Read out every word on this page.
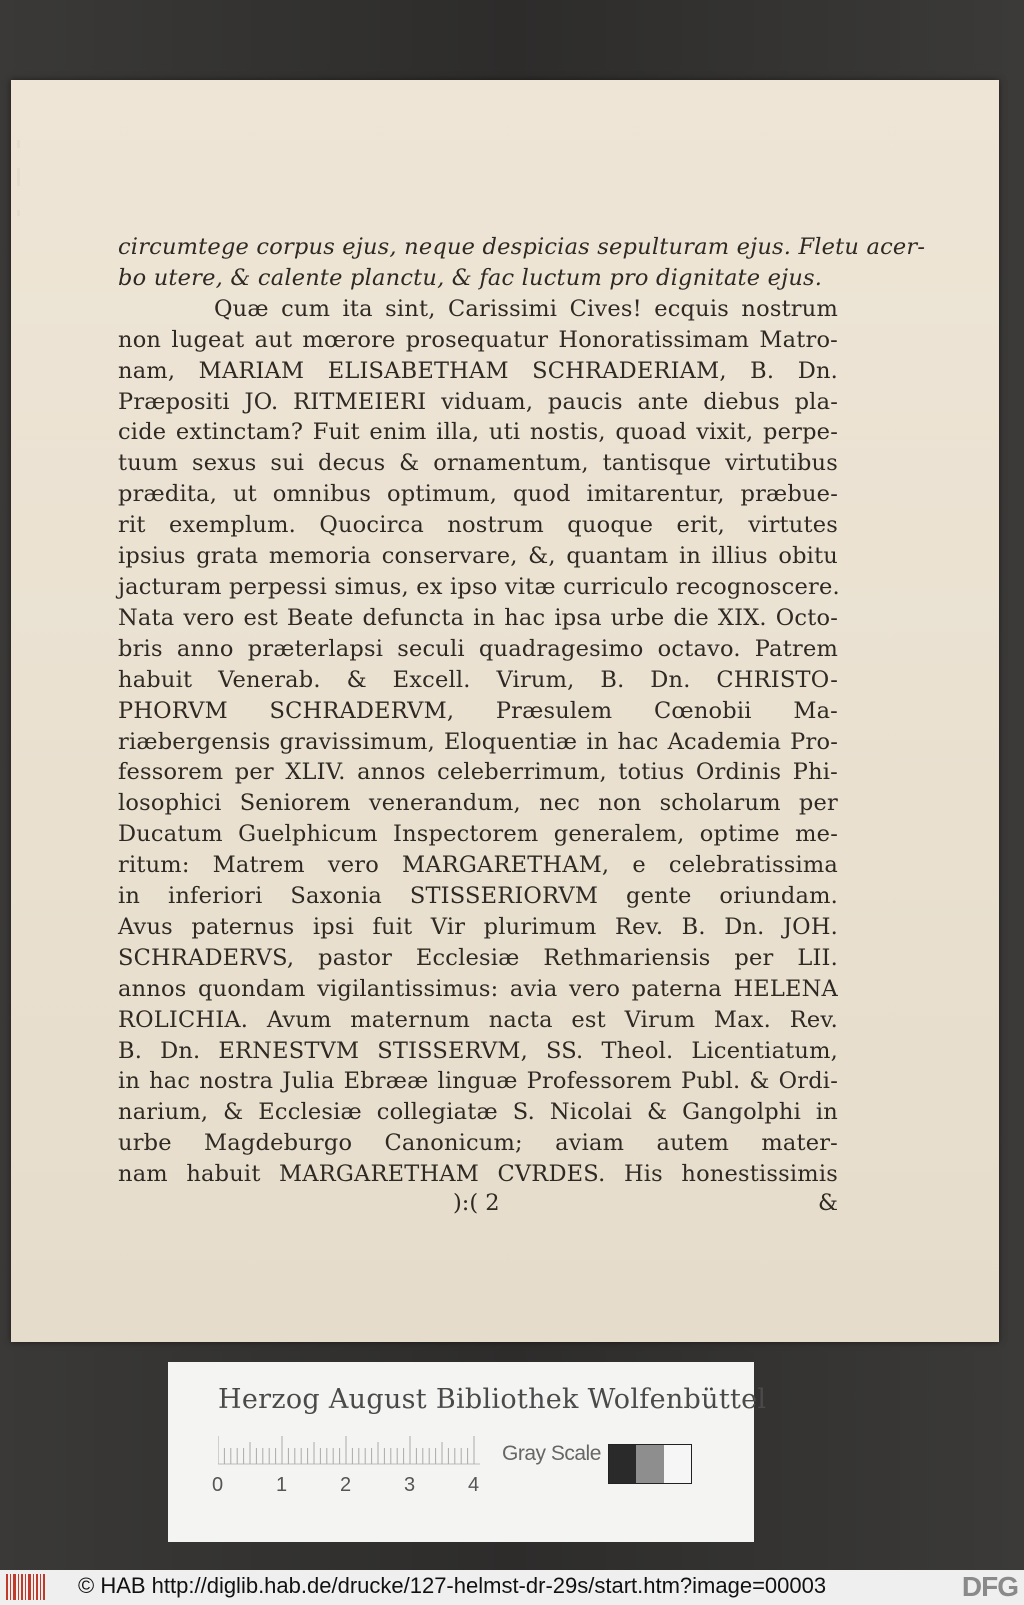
circumtege corpus ejus, neque despicias sepulturam ejus. Fletu acer-
bo utere, & calente planctu, & fac luctum pro dignitate ejus.
Quæ cum ita sint, Carissimi Cives! ecquis nostrum
non lugeat aut mœrore prosequatur Honoratissimam Matro-
nam, MARIAM ELISABETHAM SCHRADERIAM, B. Dn.
Præpositi JO. RITMEIERI viduam, paucis ante diebus pla-
cide extinctam? Fuit enim illa, uti nostis, quoad vixit, perpe-
tuum sexus sui decus & ornamentum, tantisque virtutibus
prædita, ut omnibus optimum, quod imitarentur, præbue-
rit exemplum. Quocirca nostrum quoque erit, virtutes
ipsius grata memoria conservare, &, quantam in illius obitu
jacturam perpessi simus, ex ipso vitæ curriculo recognoscere.
Nata vero est Beate defuncta in hac ipsa urbe die XIX. Octo-
bris anno præterlapsi seculi quadragesimo octavo. Patrem
habuit Venerab. & Excell. Virum, B. Dn. CHRISTO-
PHORVM SCHRADERVM, Præsulem Cœnobii Ma-
riæbergensis gravissimum, Eloquentiæ in hac Academia Pro-
fessorem per XLIV. annos celeberrimum, totius Ordinis Phi-
losophici Seniorem venerandum, nec non scholarum per
Ducatum Guelphicum Inspectorem generalem, optime me-
ritum: Matrem vero MARGARETHAM, e celebratissima
in inferiori Saxonia STISSERIORVM gente oriundam.
Avus paternus ipsi fuit Vir plurimum Rev. B. Dn. JOH.
SCHRADERVS, pastor Ecclesiæ Rethmariensis per LII.
annos quondam vigilantissimus: avia vero paterna HELENA
ROLICHIA. Avum maternum nacta est Virum Max. Rev.
B. Dn. ERNESTVM STISSERVM, SS. Theol. Licentiatum,
in hac nostra Julia Ebrææ linguæ Professorem Publ. & Ordi-
narium, & Ecclesiæ collegiatæ S. Nicolai & Gangolphi in
urbe Magdeburgo Canonicum; aviam autem mater-
nam habuit MARGARETHAM CVRDES. His honestissimis
):( 2	&
Herzog August Bibliothek Wolfenbüttel
0	1	2	3	4
Gray Scale
© HAB http://diglib.hab.de/drucke/127-helmst-dr-29s/start.htm?image=00003	DFG
